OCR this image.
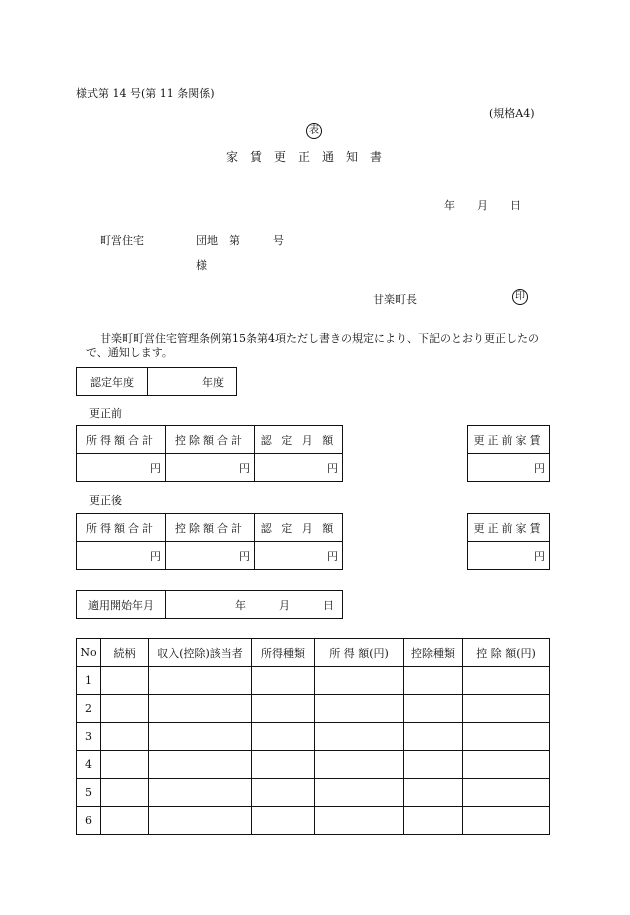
様式第 14 号(第 11 条関係)
(規格A4)
表
家　賃　更　正　通　知　書
年　　月　　日
町営住宅	団地　第　　　号
様
甘楽町長	印
甘楽町町営住宅管理条例第15条第4項ただし書きの規定により、下記のとおり更正したので、通知します。
認定年度	年度
更正前
所得額合計	控除額合計	認 定 月 額
円	円	円
更正前家賃
円
更正後
所得額合計	控除額合計	認 定 月 額
円	円	円
更正前家賃
円
適用開始年月	年　　　月　　　日
No	続柄	収入(控除)該当者	所得種類	所 得 額(円)	控除種類	控 除 額(円)
1						
2						
3						
4						
5						
6						
